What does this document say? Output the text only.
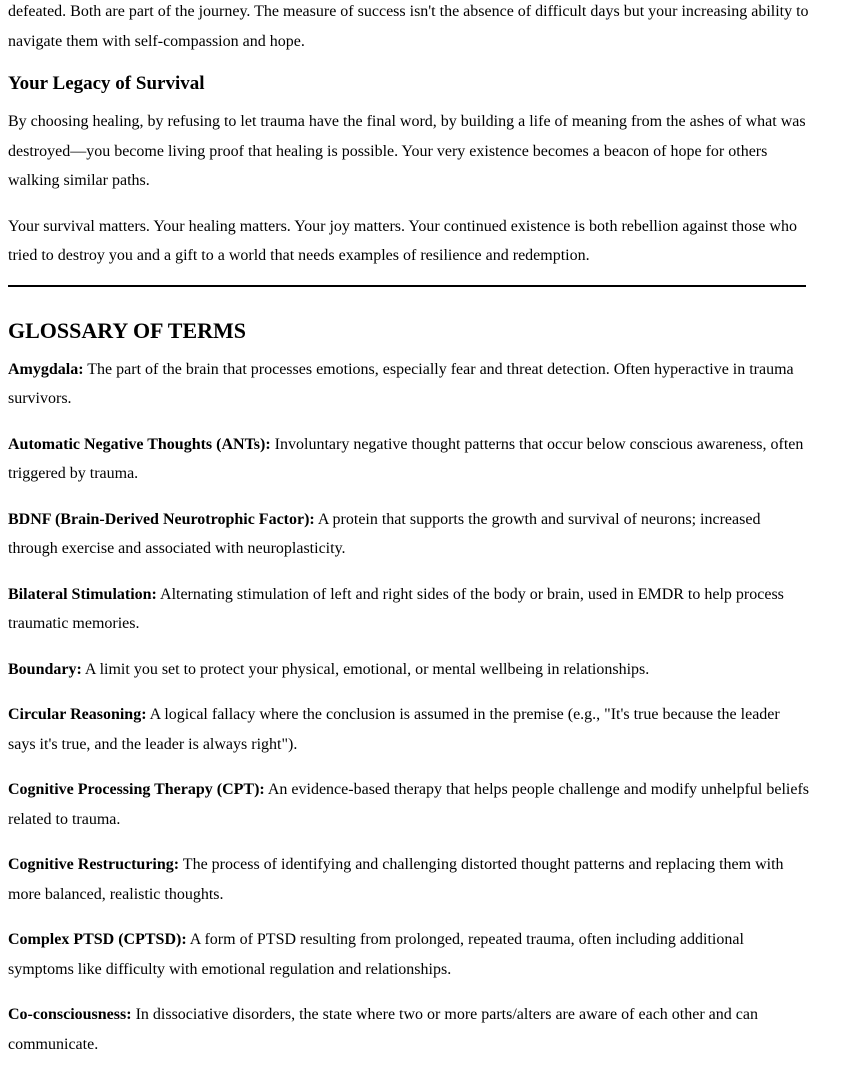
defeated. Both are part of the journey. The measure of success isn't the absence of difficult days but your increasing ability to navigate them with self-compassion and hope.

Your Legacy of Survival

By choosing healing, by refusing to let trauma have the final word, by building a life of meaning from the ashes of what was destroyed—you become living proof that healing is possible. Your very existence becomes a beacon of hope for others walking similar paths.

Your survival matters. Your healing matters. Your joy matters. Your continued existence is both rebellion against those who tried to destroy you and a gift to a world that needs examples of resilience and redemption.

GLOSSARY OF TERMS

Amygdala: The part of the brain that processes emotions, especially fear and threat detection. Often hyperactive in trauma survivors.

Automatic Negative Thoughts (ANTs): Involuntary negative thought patterns that occur below conscious awareness, often triggered by trauma.

BDNF (Brain-Derived Neurotrophic Factor): A protein that supports the growth and survival of neurons; increased through exercise and associated with neuroplasticity.

Bilateral Stimulation: Alternating stimulation of left and right sides of the body or brain, used in EMDR to help process traumatic memories.

Boundary: A limit you set to protect your physical, emotional, or mental wellbeing in relationships.

Circular Reasoning: A logical fallacy where the conclusion is assumed in the premise (e.g., "It's true because the leader says it's true, and the leader is always right").

Cognitive Processing Therapy (CPT): An evidence-based therapy that helps people challenge and modify unhelpful beliefs related to trauma.

Cognitive Restructuring: The process of identifying and challenging distorted thought patterns and replacing them with more balanced, realistic thoughts.

Complex PTSD (CPTSD): A form of PTSD resulting from prolonged, repeated trauma, often including additional symptoms like difficulty with emotional regulation and relationships.

Co-consciousness: In dissociative disorders, the state where two or more parts/alters are aware of each other and can communicate.
